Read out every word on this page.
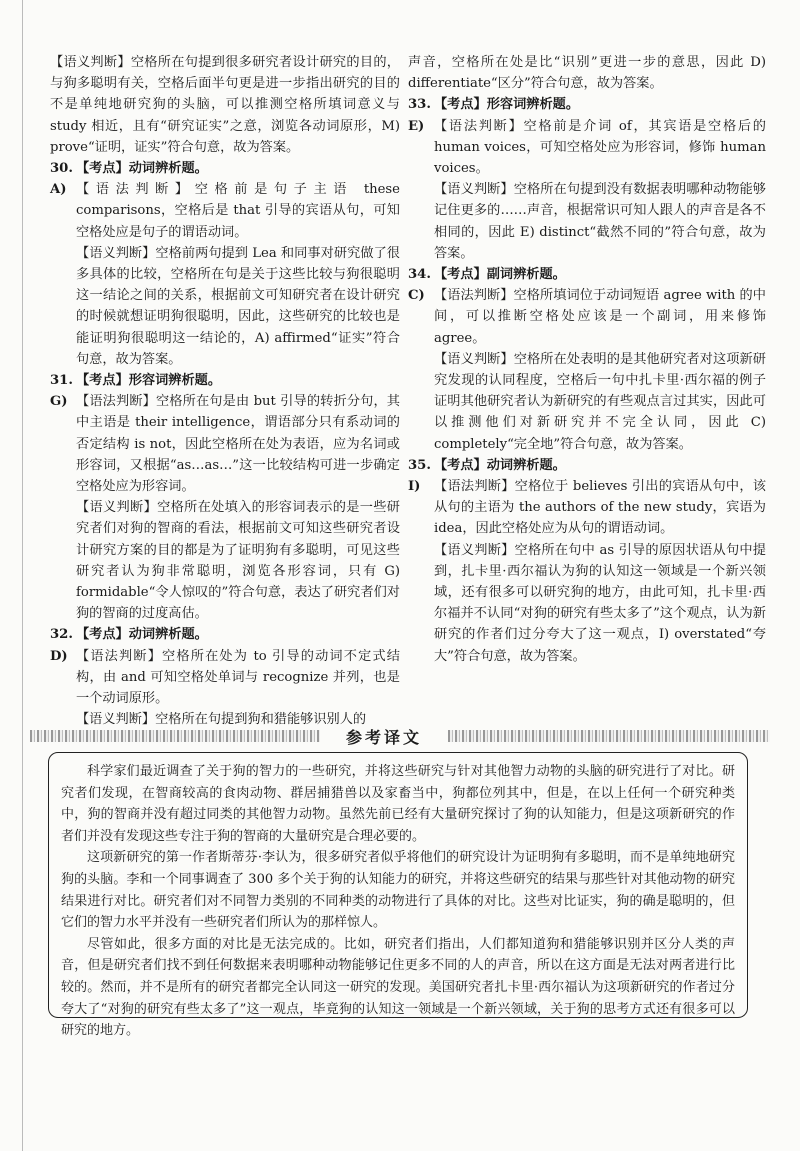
【语义判断】空格所在句提到很多研究者设计研究的目的，与狗多聪明有关，空格后面半句更是进一步指出研究的目的不是单纯地研究狗的头脑，可以推测空格所填词意义与 study 相近，且有“研究证实”之意，浏览各动词原形，M) prove“证明，证实”符合句意，故为答案。
30. 【考点】动词辨析题。
A) 【语法判断】空格前是句子主语 these comparisons，空格后是 that 引导的宾语从句，可知空格处应是句子的谓语动词。
【语义判断】空格前两句提到 Lea 和同事对研究做了很多具体的比较，空格所在句是关于这些比较与狗很聪明这一结论之间的关系，根据前文可知研究者在设计研究的时候就想证明狗很聪明，因此，这些研究的比较也是能证明狗很聪明这一结论的，A) affirmed“证实”符合句意，故为答案。
31. 【考点】形容词辨析题。
G) 【语法判断】空格所在句是由 but 引导的转折分句，其中主语是 their intelligence，谓语部分只有系动词的否定结构 is not，因此空格所在处为表语，应为名词或形容词，又根据“as…as…”这一比较结构可进一步确定空格处应为形容词。
【语义判断】空格所在处填入的形容词表示的是一些研究者们对狗的智商的看法，根据前文可知这些研究者设计研究方案的目的都是为了证明狗有多聪明，可见这些研究者认为狗非常聪明，浏览各形容词，只有 G) formidable“令人惊叹的”符合句意，表达了研究者们对狗的智商的过度高估。
32. 【考点】动词辨析题。
D) 【语法判断】空格所在处为 to 引导的动词不定式结构，由 and 可知空格处单词与 recognize 并列，也是一个动词原形。
【语义判断】空格所在句提到狗和猎能够识别人的
声音，空格所在处是比“识别”更进一步的意思，因此 D) differentiate“区分”符合句意，故为答案。
33. 【考点】形容词辨析题。
E) 【语法判断】空格前是介词 of，其宾语是空格后的 human voices，可知空格处应为形容词，修饰 human voices。
【语义判断】空格所在句提到没有数据表明哪种动物能够记住更多的……声音，根据常识可知人跟人的声音是各不相同的，因此 E) distinct“截然不同的”符合句意，故为答案。
34. 【考点】副词辨析题。
C) 【语法判断】空格所填词位于动词短语 agree with 的中间，可以推断空格处应该是一个副词，用来修饰 agree。
【语义判断】空格所在处表明的是其他研究者对这项新研究发现的认同程度，空格后一句中扎卡里·西尔福的例子证明其他研究者认为新研究的有些观点言过其实，因此可以推测他们对新研究并不完全认同，因此 C) completely“完全地”符合句意，故为答案。
35. 【考点】动词辨析题。
I)	【语法判断】空格位于 believes 引出的宾语从句中，该从句的主语为 the authors of the new study，宾语为 idea，因此空格处应为从句的谓语动词。
【语义判断】空格所在句中 as 引导的原因状语从句中提到，扎卡里·西尔福认为狗的认知这一领域是一个新兴领域，还有很多可以研究狗的地方，由此可知，扎卡里·西尔福并不认同“对狗的研究有些太多了”这个观点，认为新研究的作者们过分夸大了这一观点，I) overstated“夸大”符合句意，故为答案。
参考译文

科学家们最近调查了关于狗的智力的一些研究，并将这些研究与针对其他智力动物的头脑的研究进行了对比。研究者们发现，在智商较高的食肉动物、群居捕猎兽以及家畜当中，狗都位列其中，但是，在以上任何一个研究种类中，狗的智商并没有超过同类的其他智力动物。虽然先前已经有大量研究探讨了狗的认知能力，但是这项新研究的作者们并没有发现这些专注于狗的智商的大量研究是合理必要的。

这项新研究的第一作者斯蒂芬·李认为，很多研究者似乎将他们的研究设计为证明狗有多聪明，而不是单纯地研究狗的头脑。李和一个同事调查了 300 多个关于狗的认知能力的研究，并将这些研究的结果与那些针对其他动物的研究结果进行对比。研究者们对不同智力类别的不同种类的动物进行了具体的对比。这些对比证实，狗的确是聪明的，但它们的智力水平并没有一些研究者们所认为的那样惊人。

尽管如此，很多方面的对比是无法完成的。比如，研究者们指出，人们都知道狗和猎能够识别并区分人类的声音，但是研究者们找不到任何数据来表明哪种动物能够记住更多不同的人的声音，所以在这方面是无法对两者进行比较的。然而，并不是所有的研究者都完全认同这一研究的发现。美国研究者扎卡里·西尔福认为这项新研究的作者过分夸大了“对狗的研究有些太多了”这一观点，毕竟狗的认知这一领域是一个新兴领域，关于狗的思考方式还有很多可以研究的地方。
